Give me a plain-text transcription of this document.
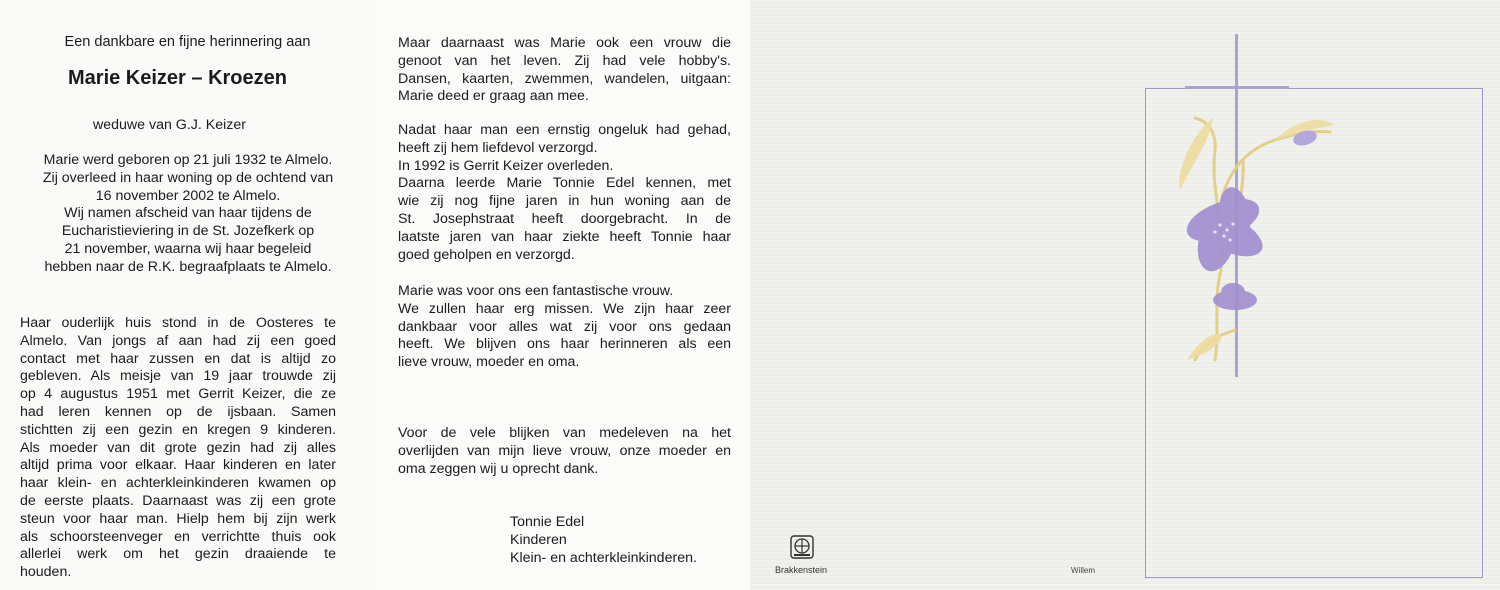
Een dankbare en fijne herinnering aan
Marie Keizer – Kroezen
weduwe van G.J. Keizer
Marie werd geboren op 21 juli 1932 te Almelo.
Zij overleed in haar woning op de ochtend van
16 november 2002 te Almelo.
Wij namen afscheid van haar tijdens de
Eucharistieviering in de St. Jozefkerk op
21 november, waarna wij haar begeleid
hebben naar de R.K. begraafplaats te Almelo.
Haar ouderlijk huis stond in de Oosteres te
Almelo. Van jongs af aan had zij een goed
contact met haar zussen en dat is altijd zo
gebleven. Als meisje van 19 jaar trouwde zij
op 4 augustus 1951 met Gerrit Keizer, die ze
had leren kennen op de ijsbaan. Samen
stichtten zij een gezin en kregen 9 kinderen.
Als moeder van dit grote gezin had zij alles
altijd prima voor elkaar. Haar kinderen en later
haar klein- en achterkleinkinderen kwamen op
de eerste plaats. Daarnaast was zij een grote
steun voor haar man. Hielp hem bij zijn werk
als schoorsteenveger en verrichtte thuis ook
allerlei werk om het gezin draaiende te
houden.
Maar daarnaast was Marie ook een vrouw die
genoot van het leven. Zij had vele hobby's.
Dansen, kaarten, zwemmen, wandelen, uitgaan:
Marie deed er graag aan mee.
Nadat haar man een ernstig ongeluk had gehad,
heeft zij hem liefdevol verzorgd.
In 1992 is Gerrit Keizer overleden.
Daarna leerde Marie Tonnie Edel kennen, met
wie zij nog fijne jaren in hun woning aan de
St. Josephstraat heeft doorgebracht. In de
laatste jaren van haar ziekte heeft Tonnie haar
goed geholpen en verzorgd.
Marie was voor ons een fantastische vrouw.
We zullen haar erg missen. We zijn haar zeer
dankbaar voor alles wat zij voor ons gedaan
heeft. We blijven ons haar herinneren als een
lieve vrouw, moeder en oma.
Voor de vele blijken van medeleven na het
overlijden van mijn lieve vrouw, onze moeder en
oma zeggen wij u oprecht dank.
Tonnie Edel
Kinderen
Klein- en achterkleinkinderen.
Brakkenstein	Willem
